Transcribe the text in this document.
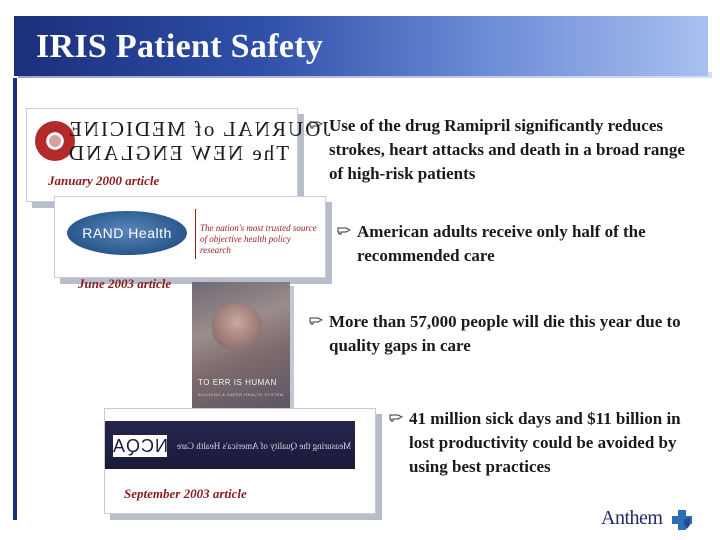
IRIS Patient Safety
JOURNAL of MEDICINE
The NEW ENGLAND
January 2000 article
RAND Health	The nation's most trusted source of objective health policy research
June 2003 article
TO ERR IS HUMAN
BUILDING A SAFER HEALTH SYSTEM
NCQA Measuring the Quality of America's Health Care
September 2003 article
Use of the drug Ramipril significantly reduces strokes, heart attacks and death in a broad range of high-risk patients
American adults receive only half of the recommended care
More than 57,000 people will die this year due to quality gaps in care
41 million sick days and $11 billion in lost productivity could be avoided by using best practices
Anthem
